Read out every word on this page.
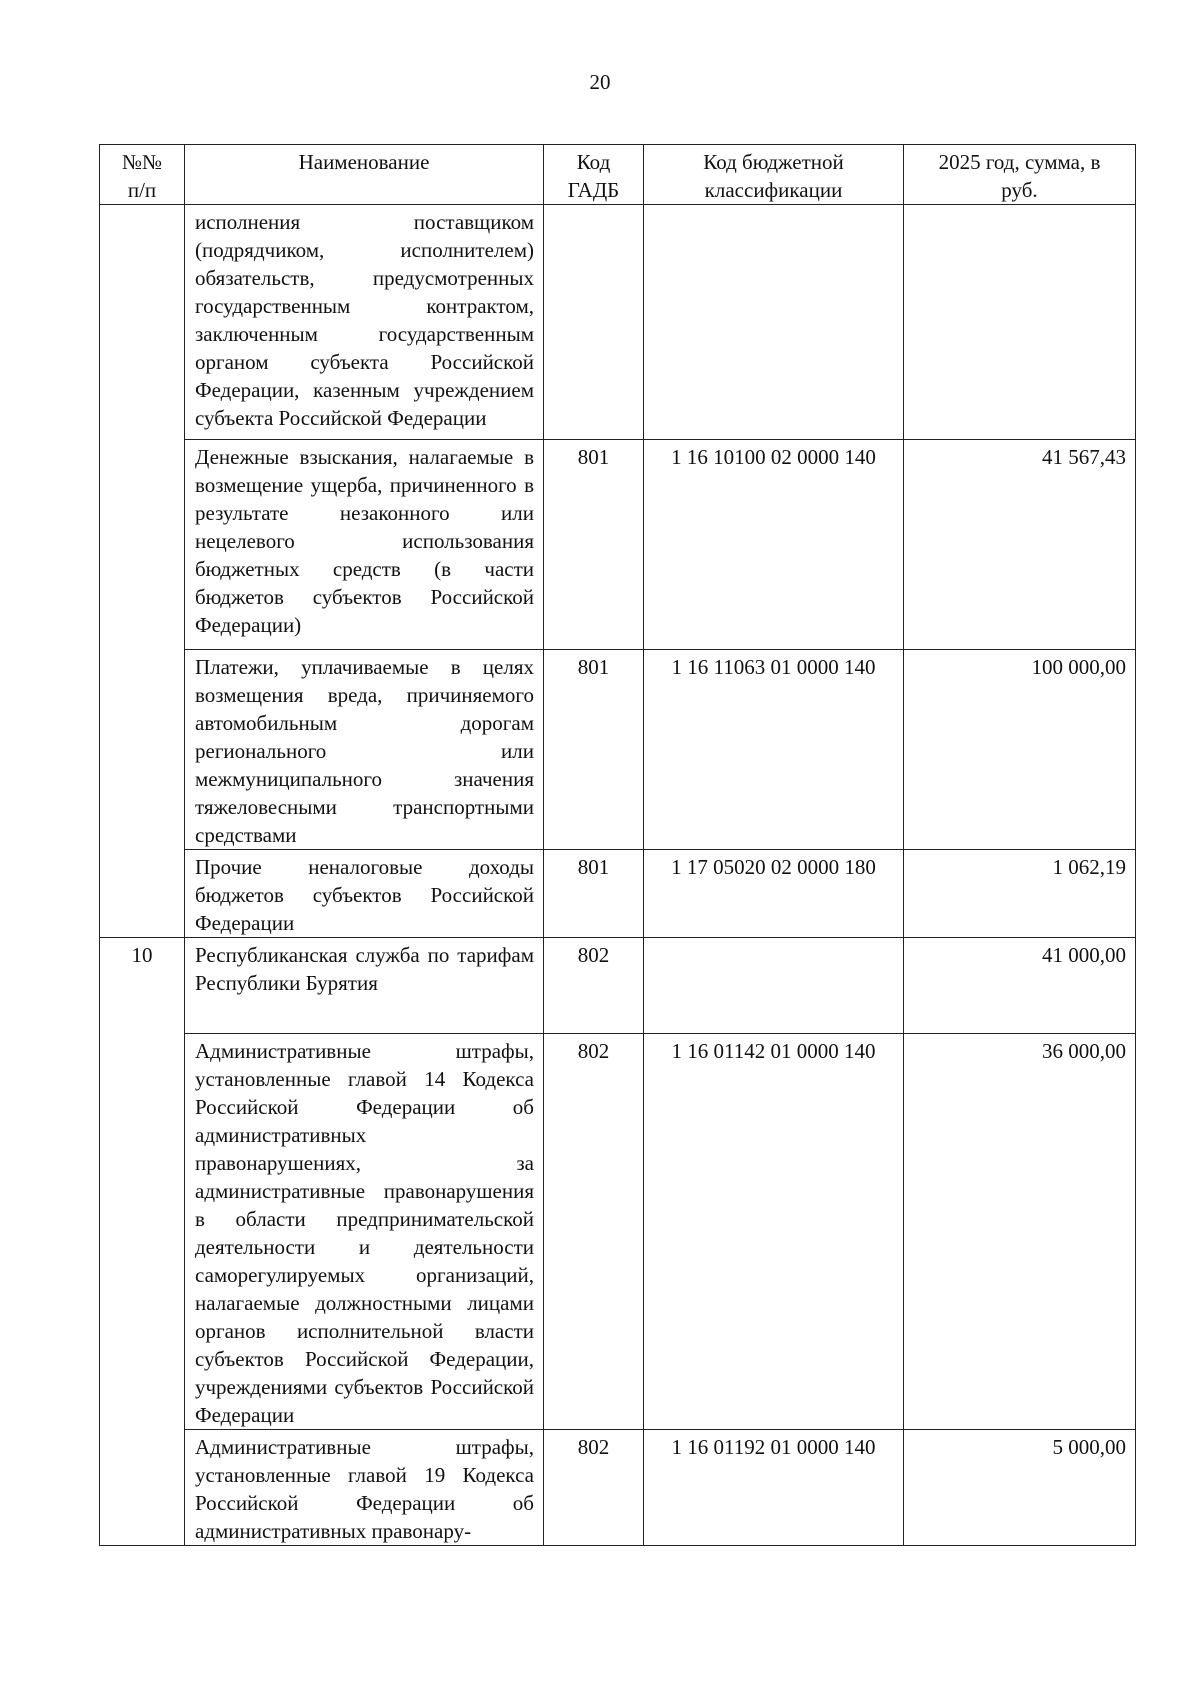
20
№№ п/п	Наименование	Код ГАДБ	Код бюджетной классификации	2025 год, сумма, в руб.
	исполнения поставщиком (подрядчиком, исполнителем) обязательств, предусмотренных государственным контрактом, заключенным государственным органом субъекта Российской Федерации, казенным учреждением субъекта Российской Федерации			
	Денежные взыскания, налагаемые в возмещение ущерба, причиненного в результате незаконного или нецелевого использования бюджетных средств (в части бюджетов субъектов Российской Федерации)	801	1 16 10100 02 0000 140	41 567,43
	Платежи, уплачиваемые в целях возмещения вреда, причиняемого автомобильным дорогам регионального или межмуниципального значения тяжеловесными транспортными средствами	801	1 16 11063 01 0000 140	100 000,00
	Прочие неналоговые доходы бюджетов субъектов Российской Федерации	801	1 17 05020 02 0000 180	1 062,19
10	Республиканская служба по тарифам Республики Бурятия	802		41 000,00
	Административные штрафы, установленные главой 14 Кодекса Российской Федерации об административных правонарушениях, за административные правонарушения в области предпринимательской деятельности и деятельности саморегулируемых организаций, налагаемые должностными лицами органов исполнительной власти субъектов Российской Федерации, учреждениями субъектов Российской Федерации	802	1 16 01142 01 0000 140	36 000,00
	Административные штрафы, установленные главой 19 Кодекса Российской Федерации об административных правонару-	802	1 16 01192 01 0000 140	5 000,00
